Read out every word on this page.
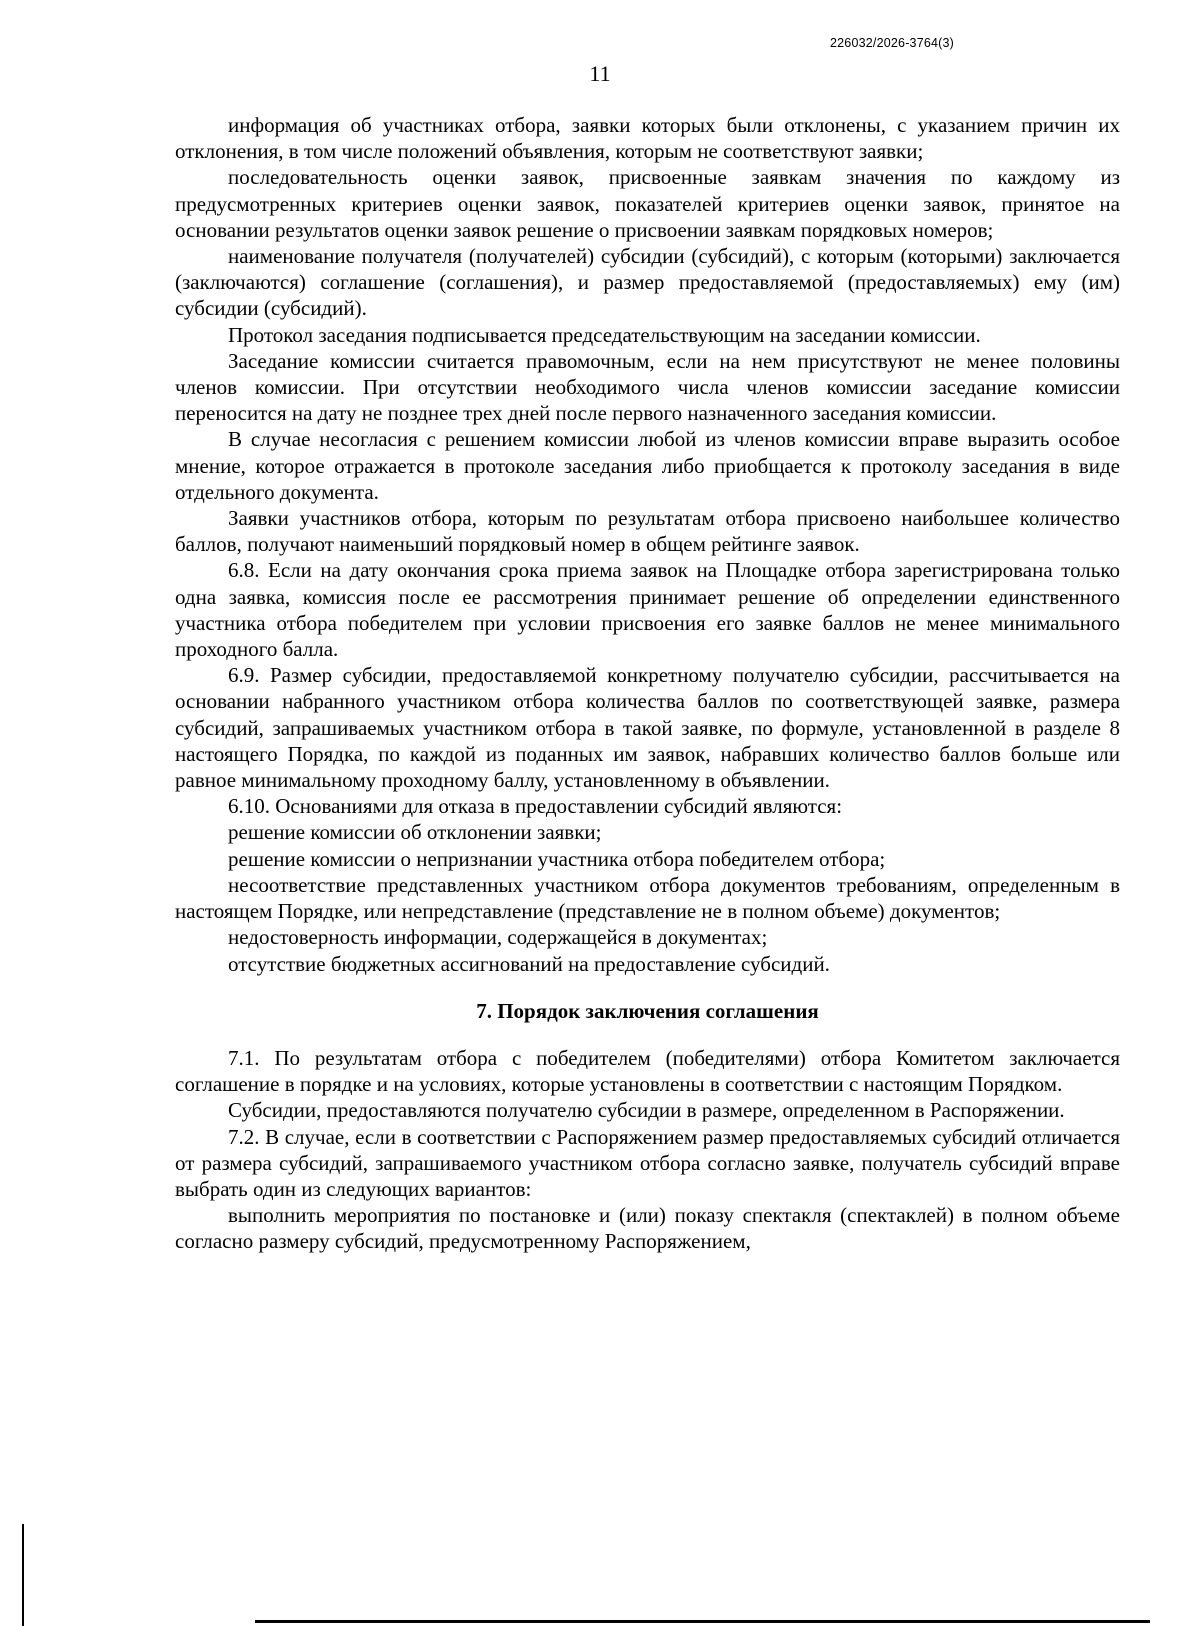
226032/2026-3764(3)
11

информация об участниках отбора, заявки которых были отклонены, с указанием причин их отклонения, в том числе положений объявления, которым не соответствуют заявки;

последовательность оценки заявок, присвоенные заявкам значения по каждому из предусмотренных критериев оценки заявок, показателей критериев оценки заявок, принятое на основании результатов оценки заявок решение о присвоении заявкам порядковых номеров;

наименование получателя (получателей) субсидии (субсидий), с которым (которыми) заключается (заключаются) соглашение (соглашения), и размер предоставляемой (предоставляемых) ему (им) субсидии (субсидий).

Протокол заседания подписывается председательствующим на заседании комиссии.

Заседание комиссии считается правомочным, если на нем присутствуют не менее половины членов комиссии. При отсутствии необходимого числа членов комиссии заседание комиссии переносится на дату не позднее трех дней после первого назначенного заседания комиссии.

В случае несогласия с решением комиссии любой из членов комиссии вправе выразить особое мнение, которое отражается в протоколе заседания либо приобщается к протоколу заседания в виде отдельного документа.

Заявки участников отбора, которым по результатам отбора присвоено наибольшее количество баллов, получают наименьший порядковый номер в общем рейтинге заявок.

6.8. Если на дату окончания срока приема заявок на Площадке отбора зарегистрирована только одна заявка, комиссия после ее рассмотрения принимает решение об определении единственного участника отбора победителем при условии присвоения его заявке баллов не менее минимального проходного балла.

6.9. Размер субсидии, предоставляемой конкретному получателю субсидии, рассчитывается на основании набранного участником отбора количества баллов по соответствующей заявке, размера субсидий, запрашиваемых участником отбора в такой заявке, по формуле, установленной в разделе 8 настоящего Порядка, по каждой из поданных им заявок, набравших количество баллов больше или равное минимальному проходному баллу, установленному в объявлении.

6.10. Основаниями для отказа в предоставлении субсидий являются:

решение комиссии об отклонении заявки;

решение комиссии о непризнании участника отбора победителем отбора;

несоответствие представленных участником отбора документов требованиям, определенным в настоящем Порядке, или непредставление (представление не в полном объеме) документов;

недостоверность информации, содержащейся в документах;

отсутствие бюджетных ассигнований на предоставление субсидий.

7. Порядок заключения соглашения

7.1. По результатам отбора с победителем (победителями) отбора Комитетом заключается соглашение в порядке и на условиях, которые установлены в соответствии с настоящим Порядком.

Субсидии, предоставляются получателю субсидии в размере, определенном в Распоряжении.

7.2. В случае, если в соответствии с Распоряжением размер предоставляемых субсидий отличается от размера субсидий, запрашиваемого участником отбора согласно заявке, получатель субсидий вправе выбрать один из следующих вариантов:

выполнить мероприятия по постановке и (или) показу спектакля (спектаклей) в полном объеме согласно размеру субсидий, предусмотренному Распоряжением,
